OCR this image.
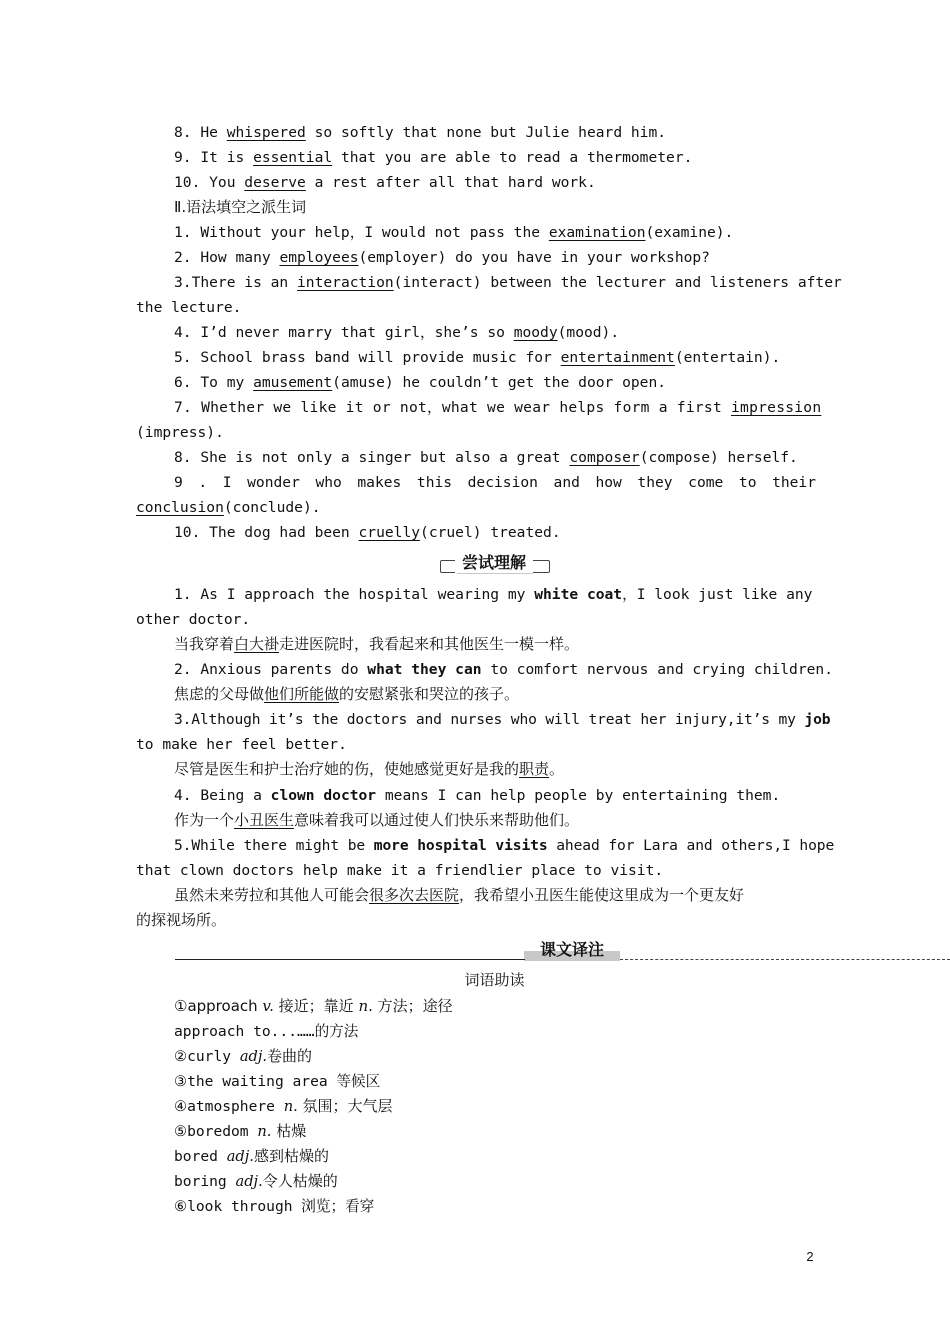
8. He whispered so softly that none but Julie heard him.
9. It is essential that you are able to read a thermometer.
10. You deserve a rest after all that hard work.
Ⅱ.语法填空之派生词
1. Without your help，I would not pass the examination(examine).
2. How many employees(employer) do you have in your workshop?
3.There is an interaction(interact) between the lecturer and listeners after
the lecture.
4. I’d never marry that girl，she’s so moody(mood).
5. School brass band will provide music for entertainment(entertain).
6. To my amusement(amuse) he couldn’t get the door open.
7. Whether we like it or not，what we wear helps form a first impression
(impress).
8. She is not only a singer but also a great composer(compose) herself.
9 . I wonder who makes this decision and how they come to their
conclusion(conclude).
10. The dog had been cruelly(cruel) treated.
尝试理解
1. As I approach the hospital wearing my white coat，I look just like any
other doctor.
当我穿着白大褂走进医院时，我看起来和其他医生一模一样。
2. Anxious parents do what they can to comfort nervous and crying children.
焦虑的父母做他们所能做的安慰紧张和哭泣的孩子。
3.Although it’s the doctors and nurses who will treat her injury,it’s my job
to make her feel better.
尽管是医生和护士治疗她的伤，使她感觉更好是我的职责。
4. Being a clown doctor means I can help people by entertaining them.
作为一个小丑医生意味着我可以通过使人们快乐来帮助他们。
5.While there might be more hospital visits ahead for Lara and others,I hope
that clown doctors help make it a friendlier place to visit.
虽然未来劳拉和其他人可能会很多次去医院，我希望小丑医生能使这里成为一个更友好
的探视场所。
课文译注
词语助读
①approach v. 接近；靠近 n. 方法；途径
approach to...……的方法
②curly adj.卷曲的
③the waiting area 等候区
④atmosphere n. 氛围；大气层
⑤boredom n. 枯燥
bored adj.感到枯燥的
boring adj.令人枯燥的
⑥look through 浏览；看穿
2
